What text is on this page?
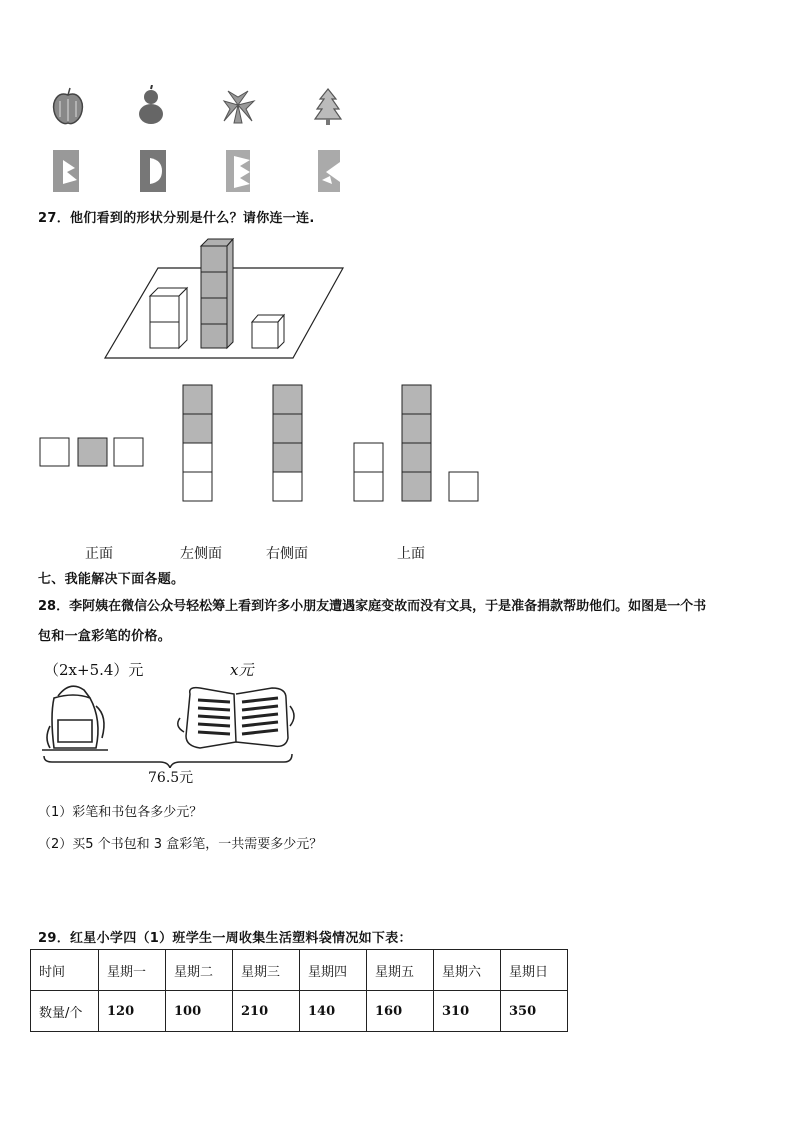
27．他们看到的形状分别是什么？请你连一连.
正面	左侧面	右侧面	上面
七、我能解决下面各题。
28．李阿姨在微信公众号轻松筹上看到许多小朋友遭遇家庭变故而没有文具，于是准备捐款帮助他们。如图是一个书
包和一盒彩笔的价格。
（2x+5.4）元	x元
76.5元
（1）彩笔和书包各多少元？
（2）买5 个书包和 3 盒彩笔，一共需要多少元？
29．红星小学四（1）班学生一周收集生活塑料袋情况如下表：
时间	星期一	星期二	星期三	星期四	星期五	星期六	星期日
数量/个	120	100	210	140	160	310	350
